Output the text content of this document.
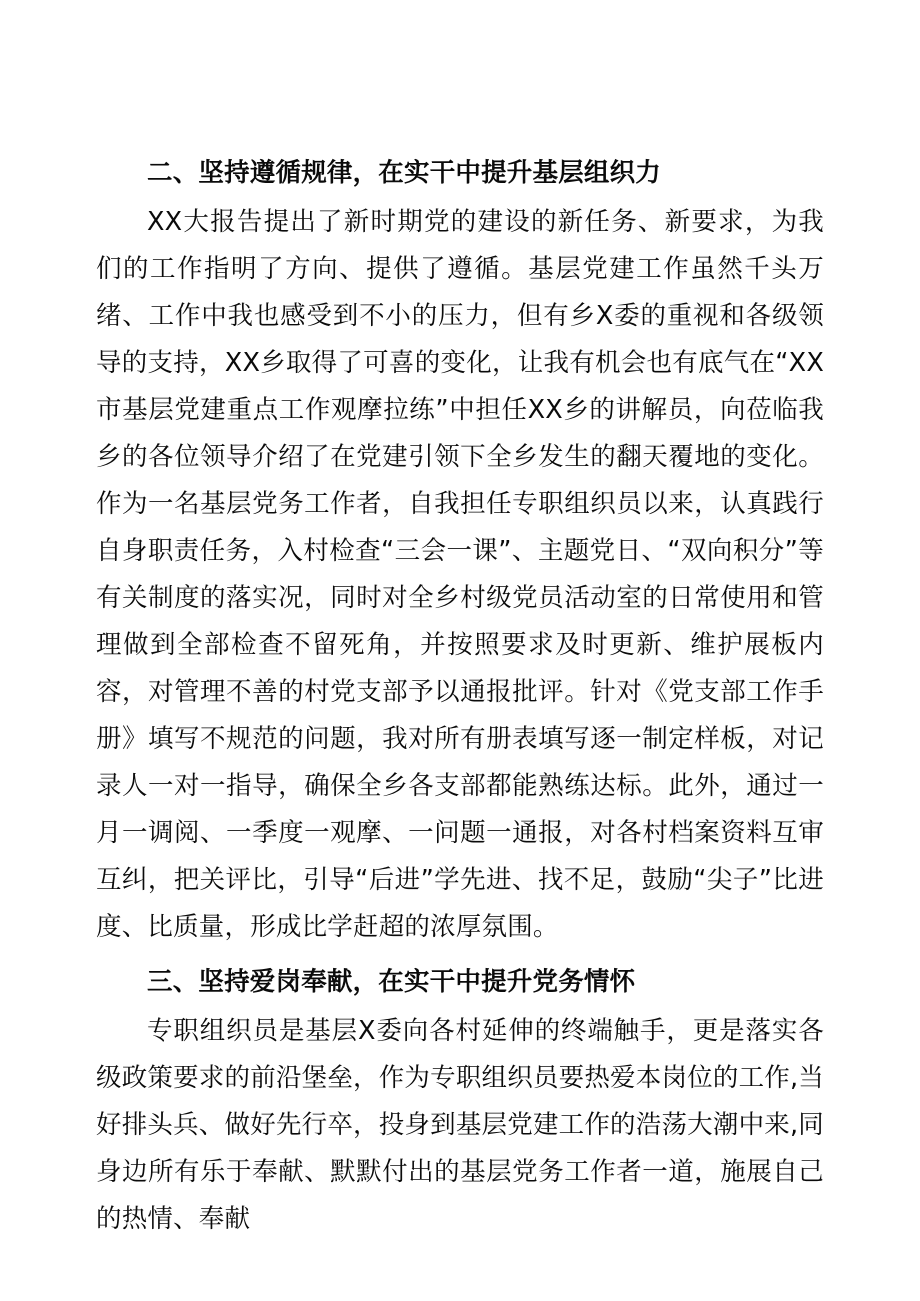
二、坚持遵循规律，在实干中提升基层组织力

XX大报告提出了新时期党的建设的新任务、新要求，为我们的工作指明了方向、提供了遵循。基层党建工作虽然千头万绪、工作中我也感受到不小的压力，但有乡X委的重视和各级领导的支持，XX乡取得了可喜的变化，让我有机会也有底气在“XX市基层党建重点工作观摩拉练”中担任XX乡的讲解员，向莅临我乡的各位领导介绍了在党建引领下全乡发生的翻天覆地的变化。作为一名基层党务工作者，自我担任专职组织员以来，认真践行自身职责任务，入村检查“三会一课”、主题党日、“双向积分”等有关制度的落实况，同时对全乡村级党员活动室的日常使用和管理做到全部检查不留死角，并按照要求及时更新、维护展板内容，对管理不善的村党支部予以通报批评。针对《党支部工作手册》填写不规范的问题，我对所有册表填写逐一制定样板，对记录人一对一指导，确保全乡各支部都能熟练达标。此外，通过一月一调阅、一季度一观摩、一问题一通报，对各村档案资料互审互纠，把关评比，引导“后进”学先进、找不足，鼓励“尖子”比进度、比质量，形成比学赶超的浓厚氛围。

三、坚持爱岗奉献，在实干中提升党务情怀

专职组织员是基层X委向各村延伸的终端触手，更是落实各级政策要求的前沿堡垒，作为专职组织员要热爱本岗位的工作,当好排头兵、做好先行卒，投身到基层党建工作的浩荡大潮中来,同身边所有乐于奉献、默默付出的基层党务工作者一道，施展自己的热情、奉献
